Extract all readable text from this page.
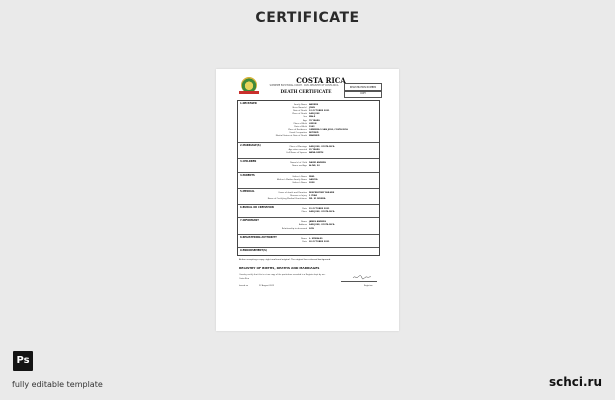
CERTIFICATE
COSTA RICA
SUPREME ELECTORAL COURT · CIVIL REGISTRY OF COSTA RICA
DEATH CERTIFICATE
REGISTRATION NUMBER
COPY
1.DECEASED	Family Name ANDERS
Given Name(s) JOHN
Date of Death 12 OCTOBER 2021
Place of Death SAN JOSE
Sex MALE
Age 78 YEARS
Place of Birth LIMON
Date of Birth 1943
Place of Residence CARRERA 9 SAN JOSE, COSTA RICA
Usual Occupation RETIRED
Marital Status at Date of Death MARRIED
2.MARRIAGE(S)	Place of Marriage SAN JOSE, COSTA RICA
Age when married 25 YEARS
Full Name of Spouse ANNA SMITH
3.CHILDREN	Name(s) of Child DAVID ANDERS
Name and Age ALIVE, 50
4.PARENTS	Father's Name PAUL
Mother's Maiden Family Name GARCIA
Father's Name 2008
5.MEDICAL	Cause of death and Duration RESPIRATORY FAILURE
Disease or Injury 1 YEAR
Name of Certifying Medical Practitioner DR. M. RIVERA
6.BURIAL OR CREMATION	Date 15 OCTOBER 2021
Place SAN JOSE, COSTA RICA
7.INFORMANT	Name JAMES ANDERS
Address SAN JOSE, COSTA RICA
Relationship to deceased SON
8.REGISTERING AUTHORITY	Name L. MORALES
Date 20 OCTOBER 2021
9.ENDORSEMENT(S)
Before accepting a copy, sight unaltered original. The original has coloured background.
REGISTRY OF BIRTHS, DEATHS AND MARRIAGES
I hereby certify that this is a true copy of the particulars recorded in a Register kept by me.
Costa Rica
Issued on	22 August 2022	Registrar
Ps
fully editable template	schci.ru
